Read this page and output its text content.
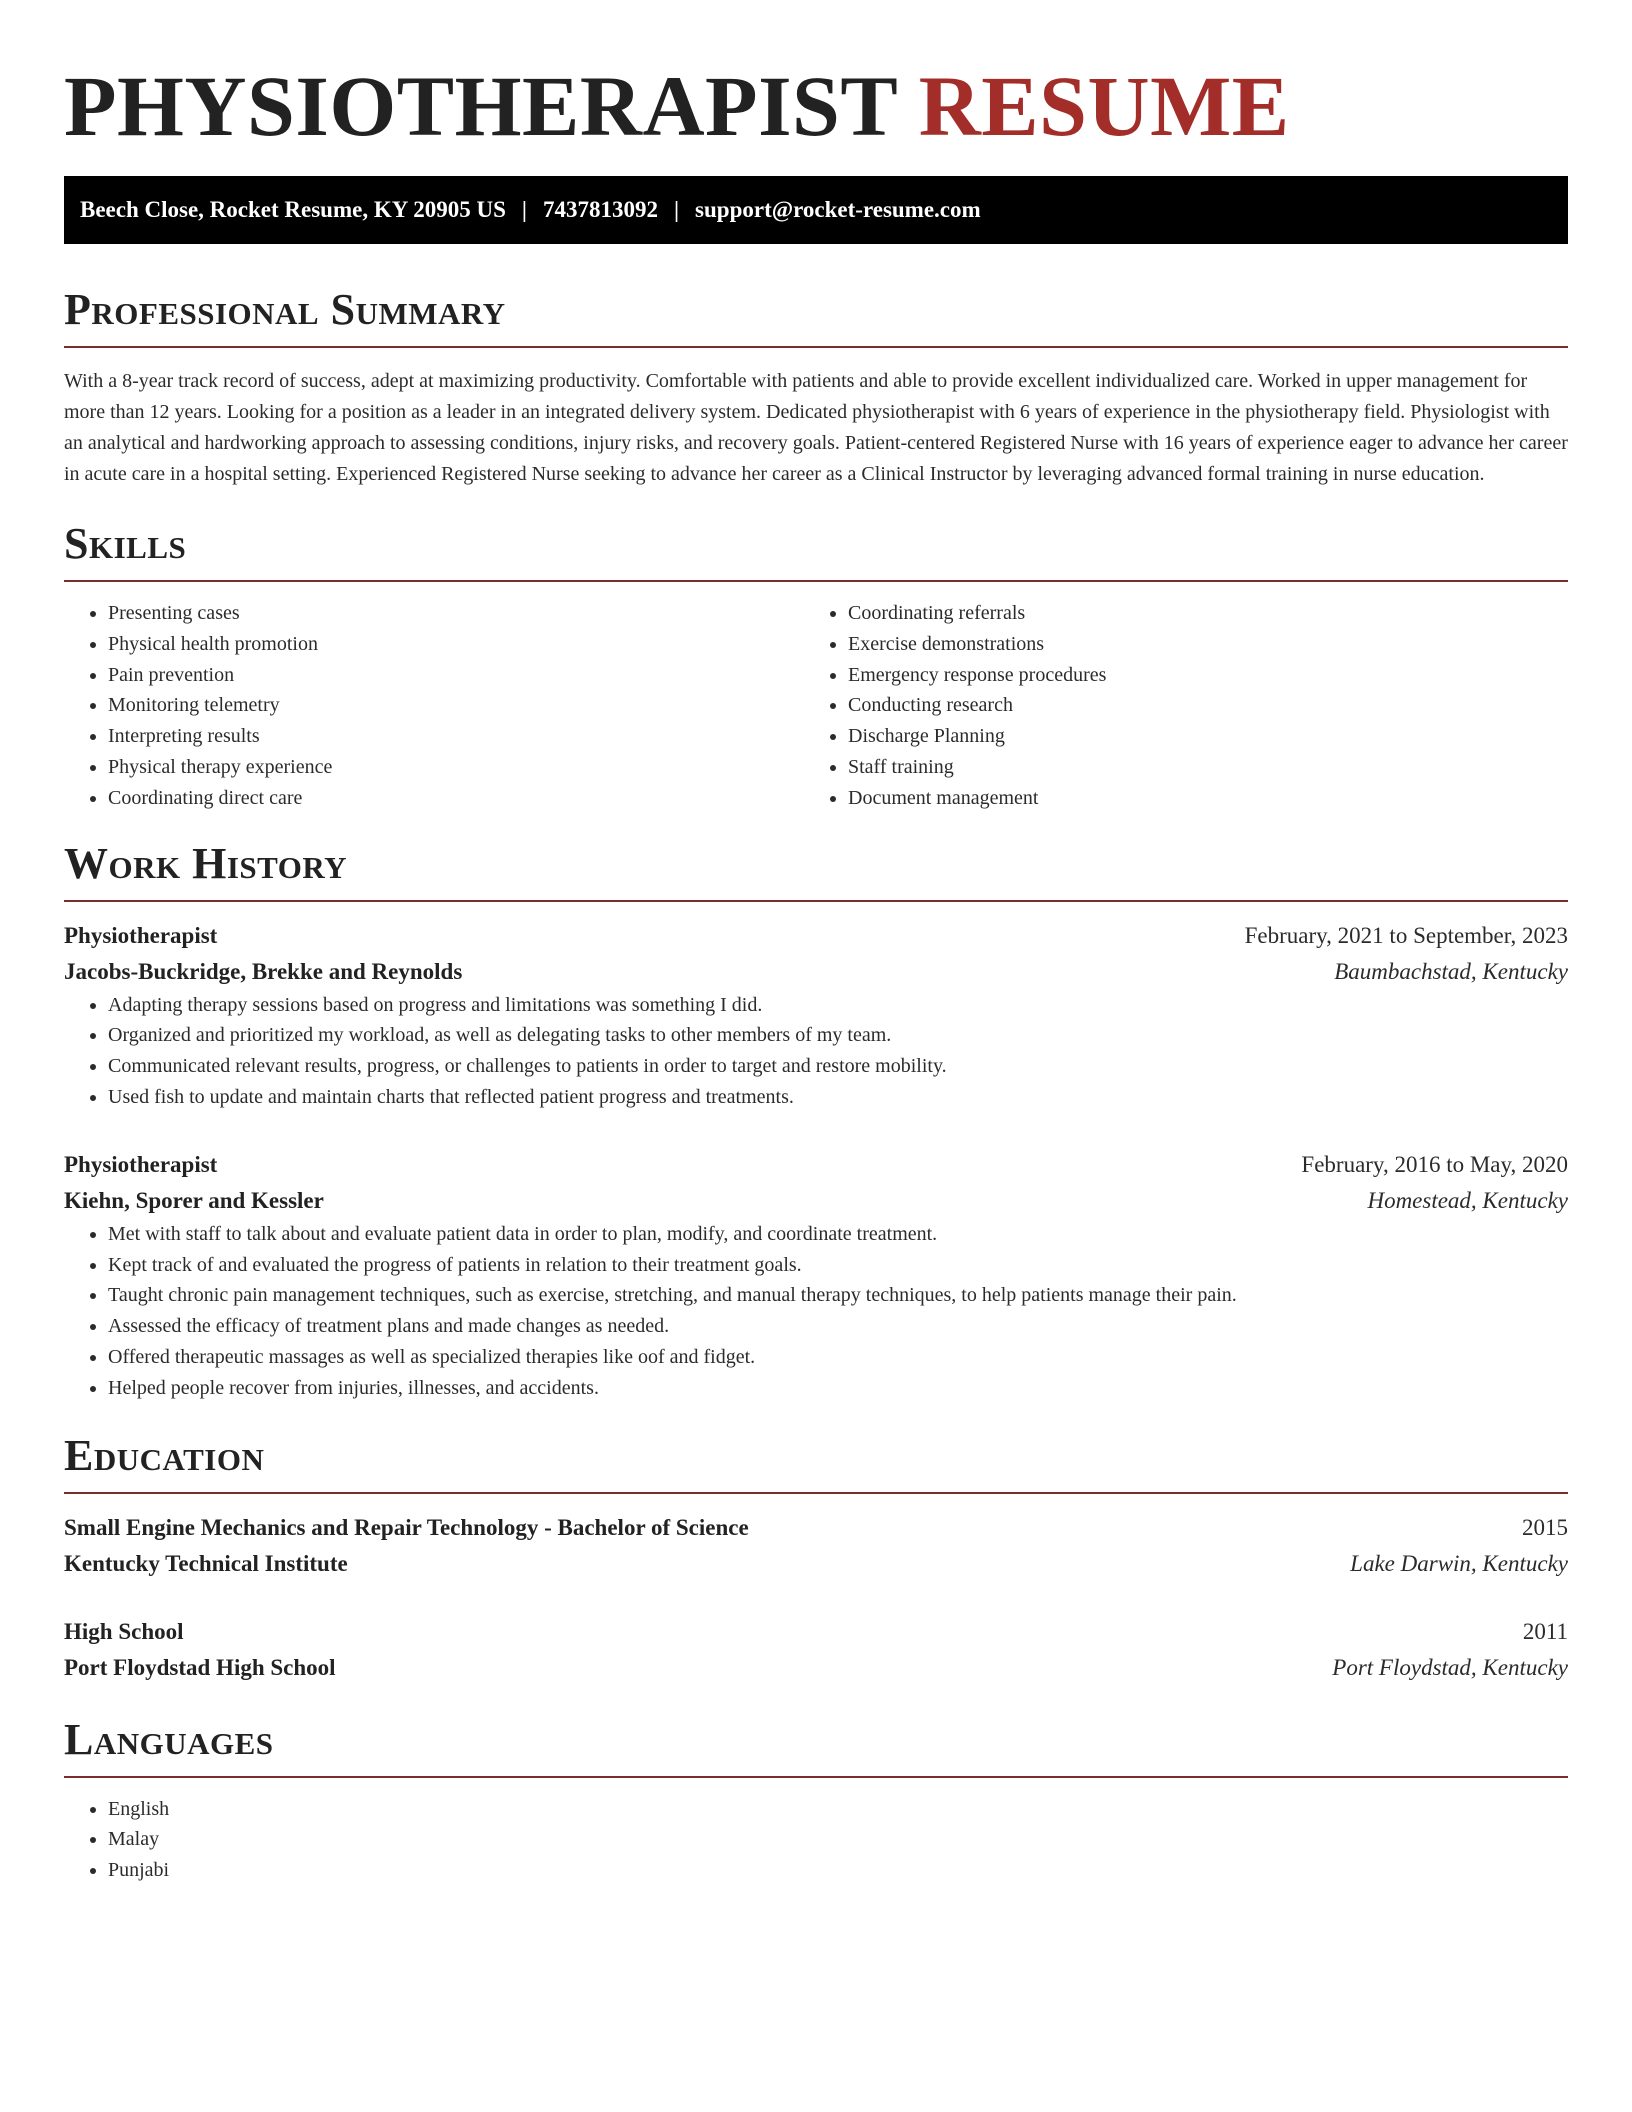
PHYSIOTHERAPIST RESUME
Beech Close, Rocket Resume, KY 20905 US | 7437813092 | support@rocket-resume.com
Professional Summary

With a 8-year track record of success, adept at maximizing productivity. Comfortable with patients and able to provide excellent individualized care. Worked in upper management for more than 12 years. Looking for a position as a leader in an integrated delivery system. Dedicated physiotherapist with 6 years of experience in the physiotherapy field. Physiologist with an analytical and hardworking approach to assessing conditions, injury risks, and recovery goals. Patient-centered Registered Nurse with 16 years of experience eager to advance her career in acute care in a hospital setting. Experienced Registered Nurse seeking to advance her career as a Clinical Instructor by leveraging advanced formal training in nurse education.

Skills
• Presenting cases
• Physical health promotion
• Pain prevention
• Monitoring telemetry
• Interpreting results
• Physical therapy experience
• Coordinating direct care
• Coordinating referrals
• Exercise demonstrations
• Emergency response procedures
• Conducting research
• Discharge Planning
• Staff training
• Document management
Work History
Physiotherapist	February, 2021 to September, 2023
Jacobs-Buckridge, Brekke and Reynolds	Baumbachstad, Kentucky
• Adapting therapy sessions based on progress and limitations was something I did.
• Organized and prioritized my workload, as well as delegating tasks to other members of my team.
• Communicated relevant results, progress, or challenges to patients in order to target and restore mobility.
• Used fish to update and maintain charts that reflected patient progress and treatments.
Physiotherapist	February, 2016 to May, 2020
Kiehn, Sporer and Kessler	Homestead, Kentucky
• Met with staff to talk about and evaluate patient data in order to plan, modify, and coordinate treatment.
• Kept track of and evaluated the progress of patients in relation to their treatment goals.
• Taught chronic pain management techniques, such as exercise, stretching, and manual therapy techniques, to help patients manage their pain.
• Assessed the efficacy of treatment plans and made changes as needed.
• Offered therapeutic massages as well as specialized therapies like oof and fidget.
• Helped people recover from injuries, illnesses, and accidents.
Education
Small Engine Mechanics and Repair Technology - Bachelor of Science	2015
Kentucky Technical Institute	Lake Darwin, Kentucky
High School	2011
Port Floydstad High School	Port Floydstad, Kentucky
Languages
• English
• Malay
• Punjabi
